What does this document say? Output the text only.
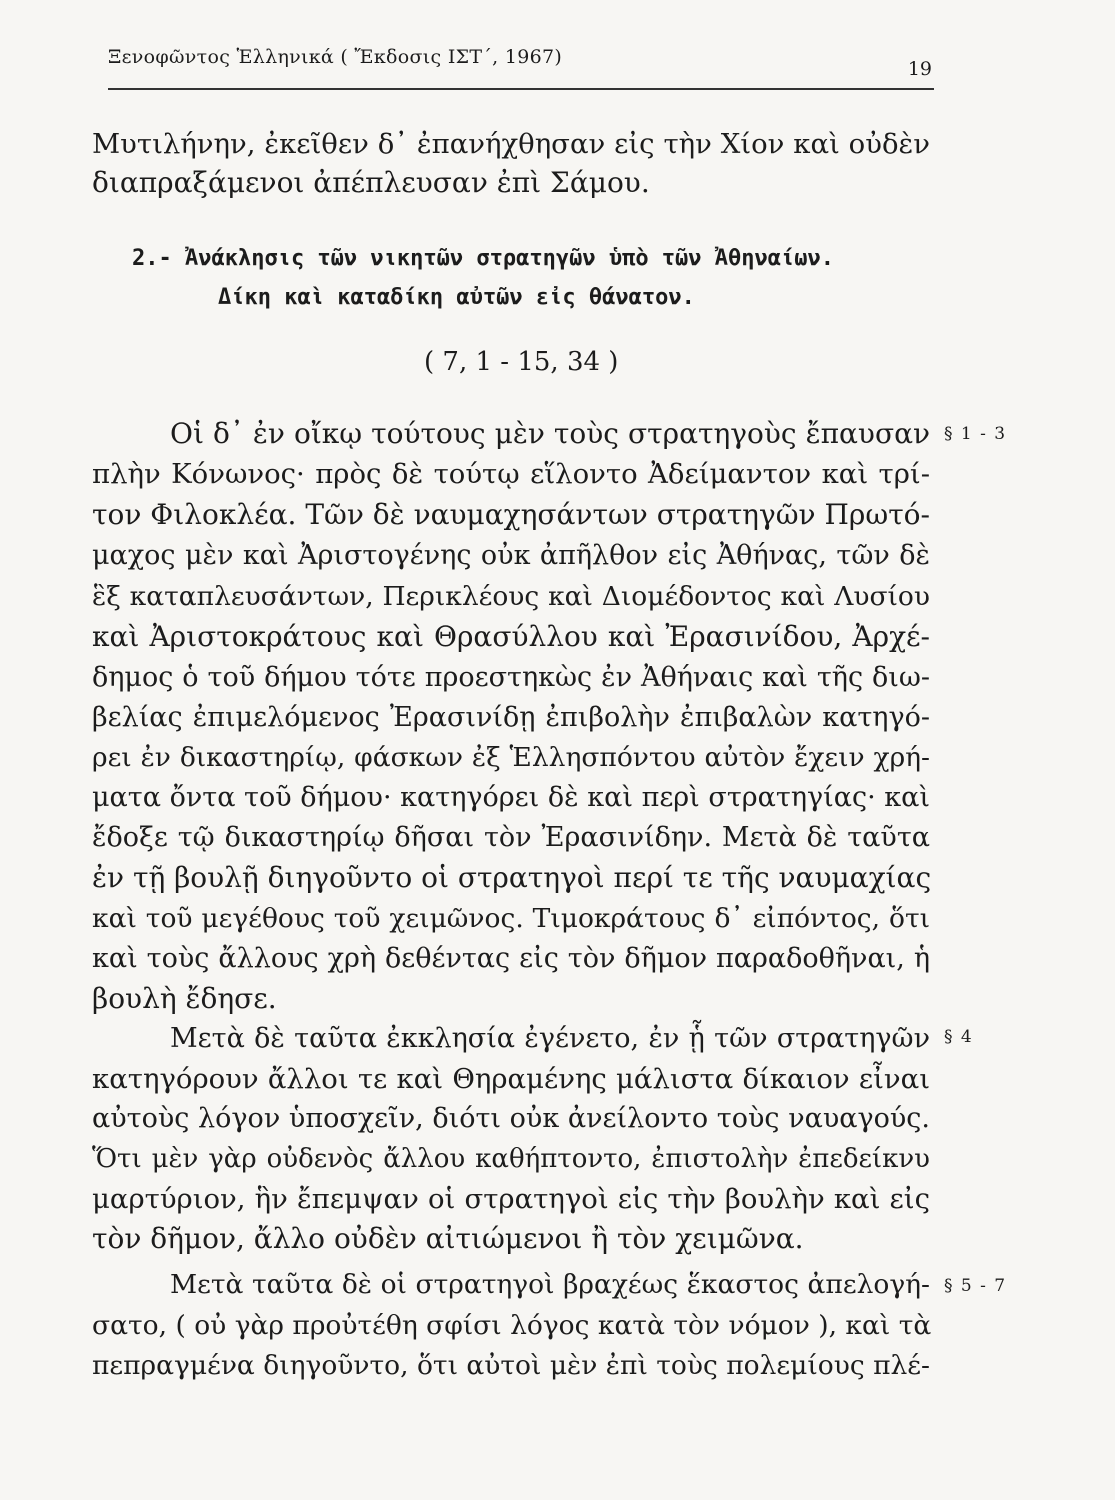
Ξενοφῶντος Ἑλληνικά ( Ἔκδοσις ΙΣΤ΄, 1967)
19
Μυτιλήνην, ἐκεῖθεν δ᾽ ἐπανήχθησαν εἰς τὴν Χίον καὶ οὐδὲν
διαπραξάμενοι ἀπέπλευσαν ἐπὶ Σάμου.
2.- Ἀνάκλησις τῶν νικητῶν στρατηγῶν ὑπὸ τῶν Ἀθηναίων.
Δίκη καὶ καταδίκη αὐτῶν εἰς θάνατον.
( 7, 1 - 15, 34 )
Οἱ δ᾽ ἐν οἴκῳ τούτους μὲν τοὺς στρατηγοὺς ἔπαυσαν
πλὴν Κόνωνος· πρὸς δὲ τούτῳ εἵλοντο Ἀδείμαντον καὶ τρί-
τον Φιλοκλέα. Τῶν δὲ ναυμαχησάντων στρατηγῶν Πρωτό-
μαχος μὲν καὶ Ἀριστογένης οὐκ ἀπῆλθον εἰς Ἀθήνας, τῶν δὲ
ἓξ καταπλευσάντων, Περικλέους καὶ Διομέδοντος καὶ Λυσίου
καὶ Ἀριστοκράτους καὶ Θρασύλλου καὶ Ἐρασινίδου, Ἀρχέ-
δημος ὁ τοῦ δήμου τότε προεστηκὼς ἐν Ἀθήναις καὶ τῆς διω-
βελίας ἐπιμελόμενος Ἐρασινίδῃ ἐπιβολὴν ἐπιβαλὼν κατηγό-
ρει ἐν δικαστηρίῳ, φάσκων ἐξ Ἑλλησπόντου αὐτὸν ἔχειν χρή-
ματα ὄντα τοῦ δήμου· κατηγόρει δὲ καὶ περὶ στρατηγίας· καὶ
ἔδοξε τῷ δικαστηρίῳ δῆσαι τὸν Ἐρασινίδην. Μετὰ δὲ ταῦτα
ἐν τῇ βουλῇ διηγοῦντο οἱ στρατηγοὶ περί τε τῆς ναυμαχίας
καὶ τοῦ μεγέθους τοῦ χειμῶνος. Τιμοκράτους δ᾽ εἰπόντος, ὅτι
καὶ τοὺς ἄλλους χρὴ δεθέντας εἰς τὸν δῆμον παραδοθῆναι, ἡ
βουλὴ ἔδησε.
Μετὰ δὲ ταῦτα ἐκκλησία ἐγένετο, ἐν ᾗ τῶν στρατηγῶν
κατηγόρουν ἄλλοι τε καὶ Θηραμένης μάλιστα δίκαιον εἶναι
αὐτοὺς λόγον ὑποσχεῖν, διότι οὐκ ἀνείλοντο τοὺς ναυαγούς.
Ὅτι μὲν γὰρ οὐδενὸς ἄλλου καθήπτοντο, ἐπιστολὴν ἐπεδείκνυ
μαρτύριον, ἣν ἔπεμψαν οἱ στρατηγοὶ εἰς τὴν βουλὴν καὶ εἰς
τὸν δῆμον, ἄλλο οὐδὲν αἰτιώμενοι ἢ τὸν χειμῶνα.
Μετὰ ταῦτα δὲ οἱ στρατηγοὶ βραχέως ἕκαστος ἀπελογή-
σατο, ( οὐ γὰρ προὐτέθη σφίσι λόγος κατὰ τὸν νόμον ), καὶ τὰ
πεπραγμένα διηγοῦντο, ὅτι αὐτοὶ μὲν ἐπὶ τοὺς πολεμίους πλέ-
§ 1 - 3
§ 4
§ 5 - 7
